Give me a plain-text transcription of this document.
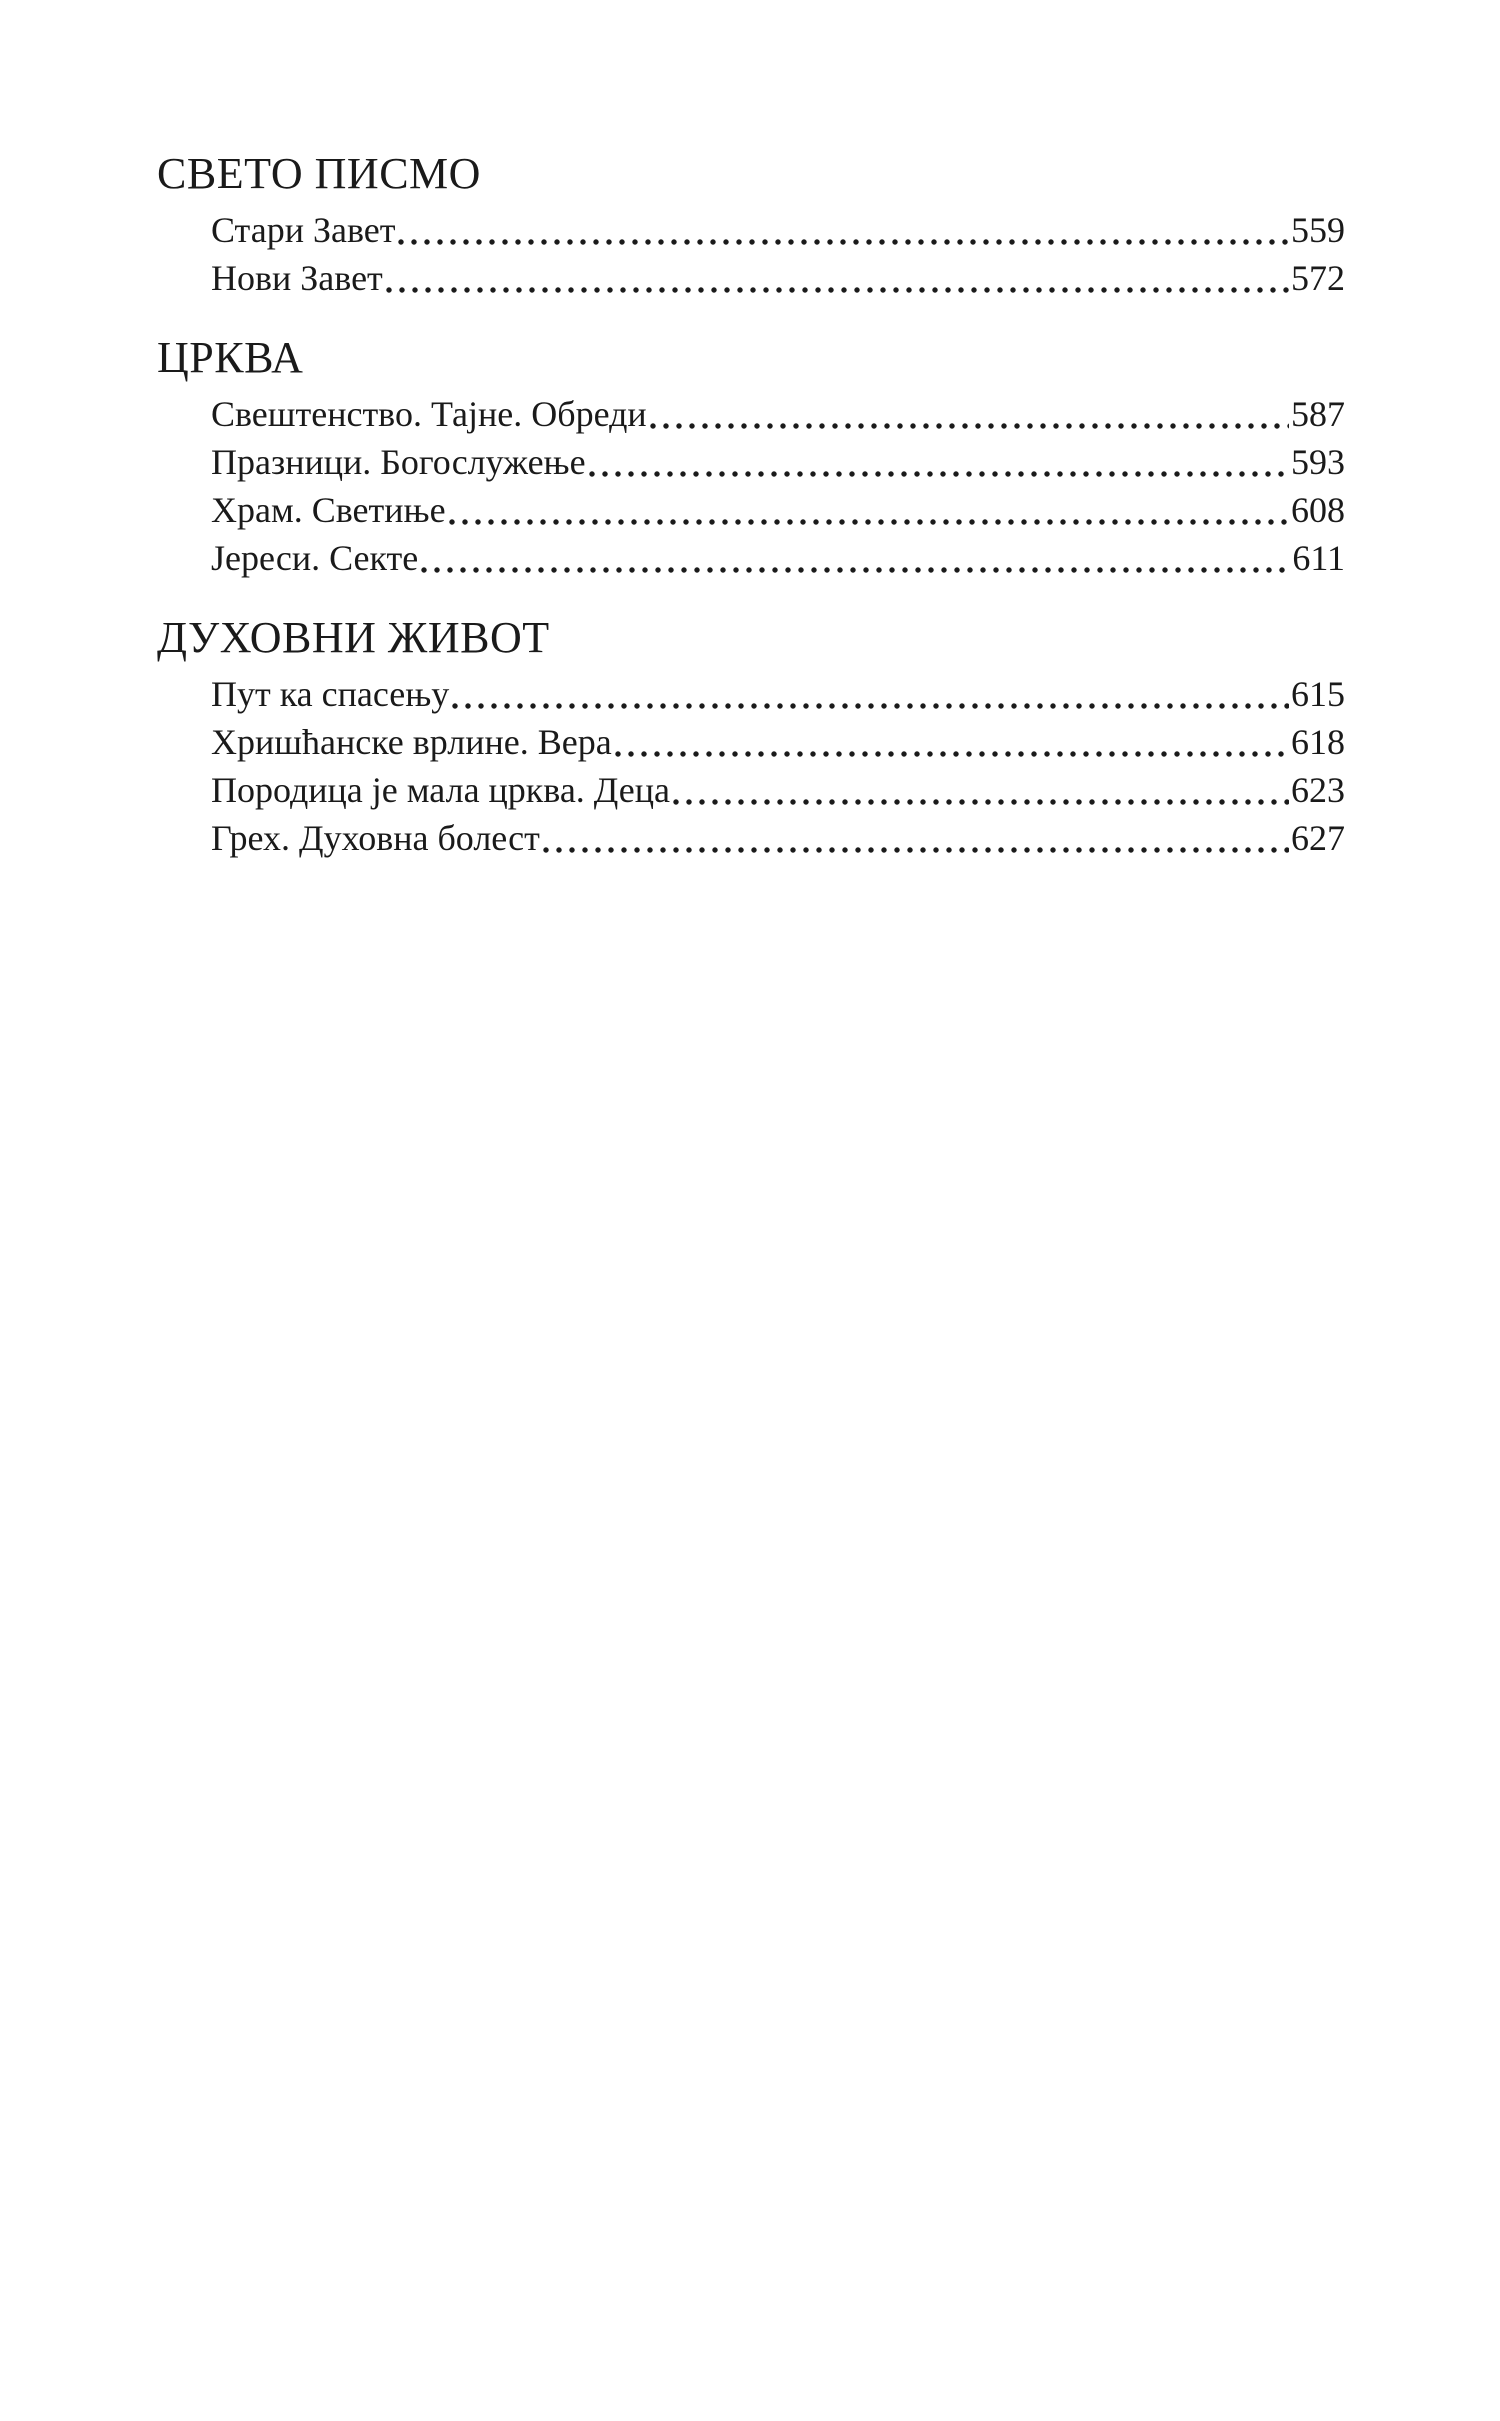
СВЕТО ПИСМО
Стари Завет	559
Нови Завет	572
ЦРКВА
Свештенство. Тајне. Обреди	587
Празници. Богослужење	593
Храм. Светиње	608
Јереси. Секте	611
ДУХОВНИ ЖИВОТ
Пут ка спасењу	615
Хришћанске врлине. Вера	618
Породица је мала црква. Деца	623
Грех. Духовна болест	627
